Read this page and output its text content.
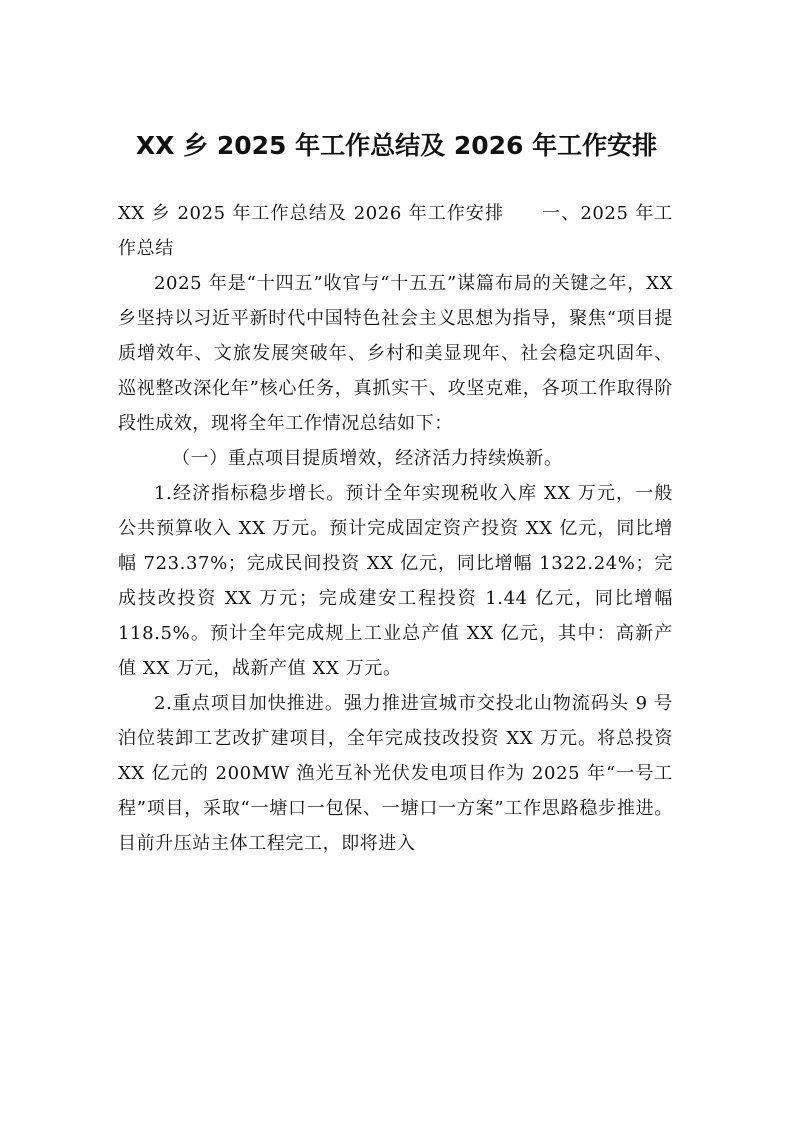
XX 乡 2025 年工作总结及 2026 年工作安排

XX 乡 2025 年工作总结及 2026 年工作安排　　一、2025 年工作总结

2025 年是“十四五”收官与“十五五”谋篇布局的关键之年，XX 乡坚持以习近平新时代中国特色社会主义思想为指导，聚焦“项目提质增效年、文旅发展突破年、乡村和美显现年、社会稳定巩固年、巡视整改深化年”核心任务，真抓实干、攻坚克难，各项工作取得阶段性成效，现将全年工作情况总结如下：

（一）重点项目提质增效，经济活力持续焕新。

1.经济指标稳步增长。预计全年实现税收入库 XX 万元，一般公共预算收入 XX 万元。预计完成固定资产投资 XX 亿元，同比增幅 723.37%；完成民间投资 XX 亿元，同比增幅 1322.24%；完成技改投资 XX 万元；完成建安工程投资 1.44 亿元，同比增幅 118.5%。预计全年完成规上工业总产值 XX 亿元，其中：高新产值 XX 万元，战新产值 XX 万元。

2.重点项目加快推进。强力推进宣城市交投北山物流码头 9 号泊位装卸工艺改扩建项目，全年完成技改投资 XX 万元。将总投资 XX 亿元的 200MW 渔光互补光伏发电项目作为 2025 年“一号工程”项目，采取“一塘口一包保、一塘口一方案”工作思路稳步推进。目前升压站主体工程完工，即将进入
